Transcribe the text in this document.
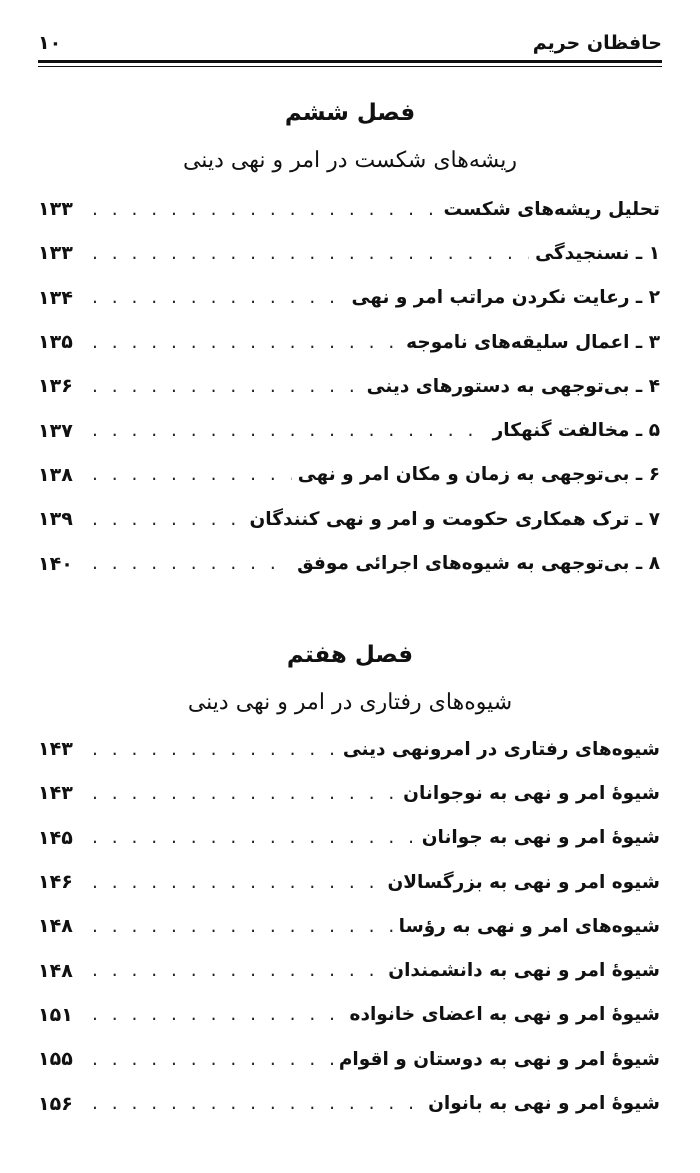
حافظان حریم
۱۰
فصل ششم
ریشه‌های شکست در امر و نهی دینی
تحلیل ریشه‌های شکست
. . .
۱۳۳
۱ ـ نسنجیدگی
. . .
۱۳۳
۲ ـ رعایت نکردن مراتب امر و نهی
. . .
۱۳۴
۳ ـ اعمال سلیقه‌های ناموجه
. . .
۱۳۵
۴ ـ بی‌توجهی به دستورهای دینی
. . .
۱۳۶
۵ ـ مخالفت گنهکار
. . .
۱۳۷
۶ ـ بی‌توجهی به زمان و مکان امر و نهی
. . .
۱۳۸
۷ ـ ترک همکاری حکومت و امر و نهی کنندگان
. . .
۱۳۹
۸ ـ بی‌توجهی به شیوه‌های اجرائی موفق
. . .
۱۴۰
فصل هفتم
شیوه‌های رفتاری در امر و نهی دینی
شیوه‌های رفتاری در امرونهی دینی
. . .
۱۴۳
شیوهٔ امر و نهی به نوجوانان
. . .
۱۴۳
شیوهٔ امر و نهی به جوانان
. . .
۱۴۵
شیوه امر و نهی به بزرگسالان
. . .
۱۴۶
شیوه‌های امر و نهی به رؤسا
. . .
۱۴۸
شیوهٔ امر و نهی به دانشمندان
. . .
۱۴۸
شیوهٔ امر و نهی به اعضای خانواده
. . .
۱۵۱
شیوهٔ امر و نهی به دوستان و اقوام
. . .
۱۵۵
شیوهٔ امر و نهی به بانوان
. . .
۱۵۶
